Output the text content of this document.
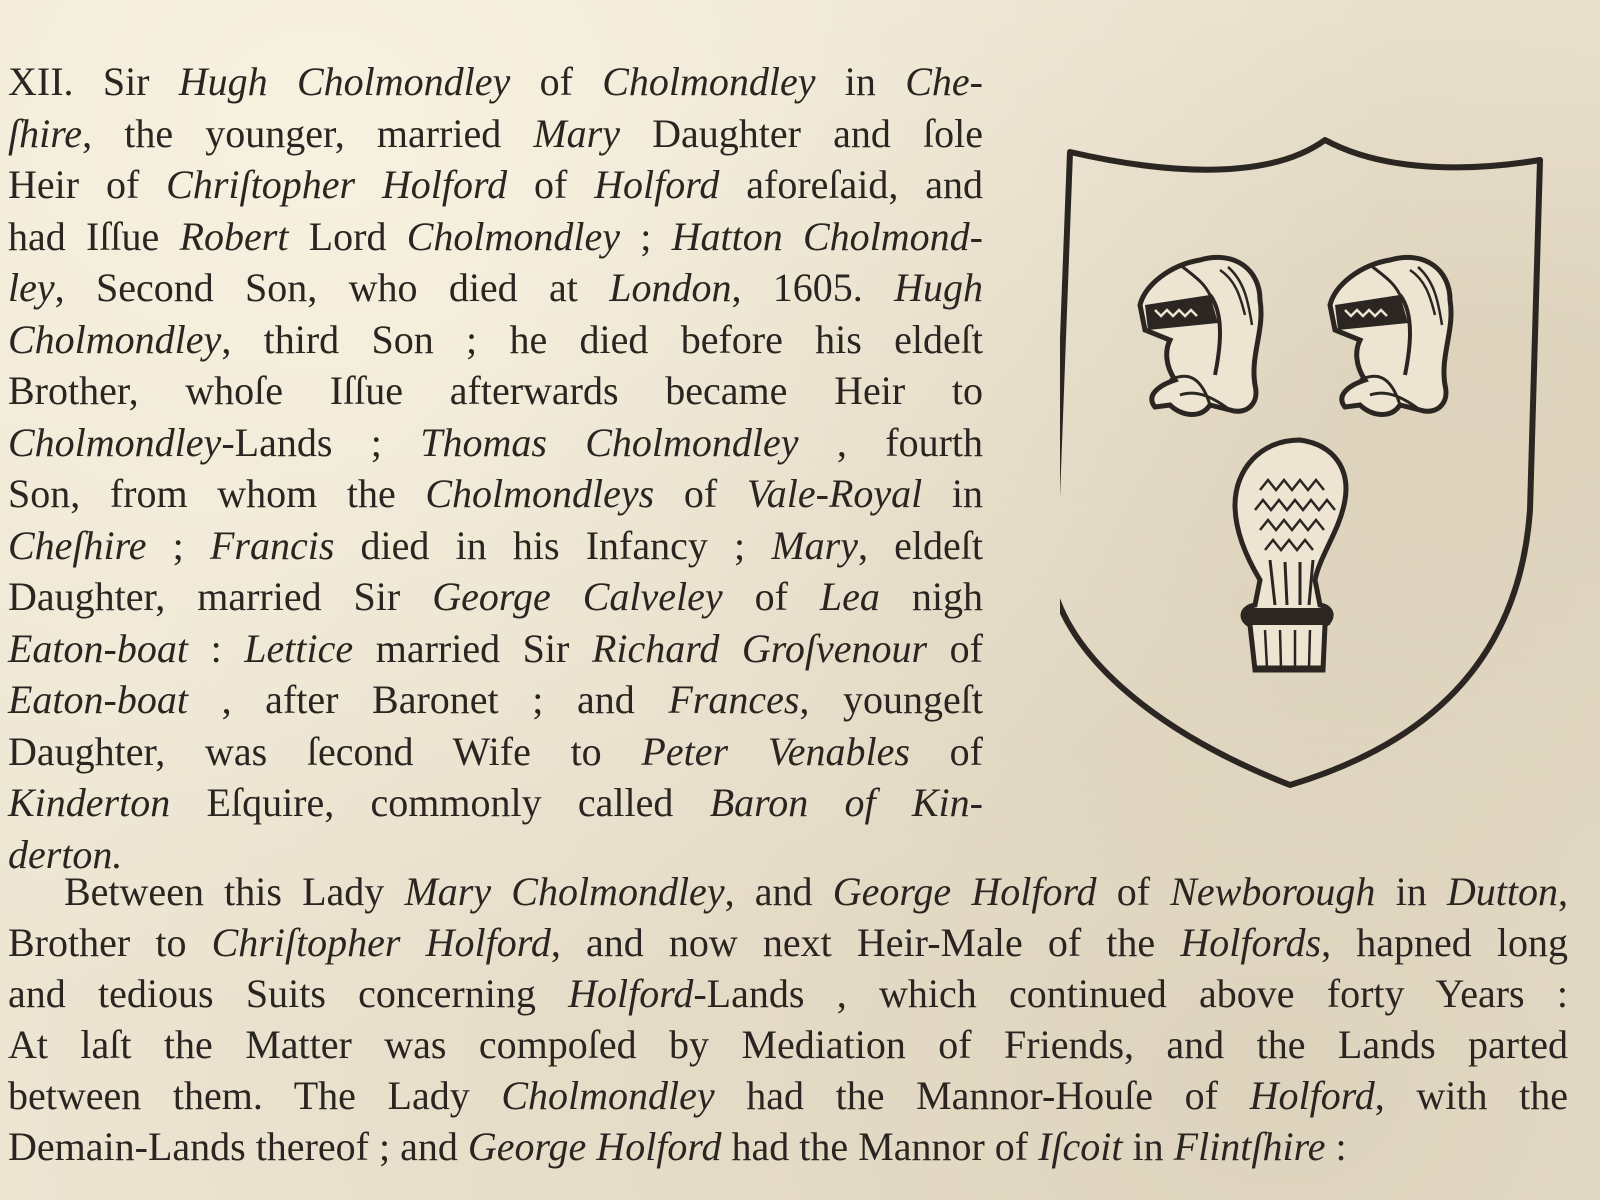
XII. Sir Hugh Cholmondley of Cholmondley in Che-
ſhire, the younger, married Mary Daughter and ſole
Heir of Chriſtopher Holford of Holford aforeſaid, and
had Iſſue Robert Lord Cholmondley ; Hatton Cholmond-
ley, Second Son, who died at London, 1605. Hugh
Cholmondley, third Son ; he died before his eldeſt
Brother, whoſe Iſſue afterwards became Heir to
Cholmondley-Lands ; Thomas Cholmondley , fourth
Son, from whom the Cholmondleys of Vale-Royal in
Cheſhire ; Francis died in his Infancy ; Mary, eldeſt
Daughter, married Sir George Calveley of Lea nigh
Eaton-boat : Lettice married Sir Richard Groſvenour of
Eaton-boat , after Baronet ; and Frances, youngeſt
Daughter, was ſecond Wife to Peter Venables of
Kinderton Eſquire, commonly called Baron of Kin-
derton.
Between this Lady Mary Cholmondley, and George Holford of Newborough in Dutton,
Brother to Chriſtopher Holford, and now next Heir-Male of the Holfords, hapned long
and tedious Suits concerning Holford-Lands , which continued above forty Years :
At laſt the Matter was compoſed by Mediation of Friends, and the Lands parted
between them. The Lady Cholmondley had the Mannor-Houſe of Holford, with the
Demain-Lands thereof ; and George Holford had the Mannor of Iſcoit in Flintſhire :
